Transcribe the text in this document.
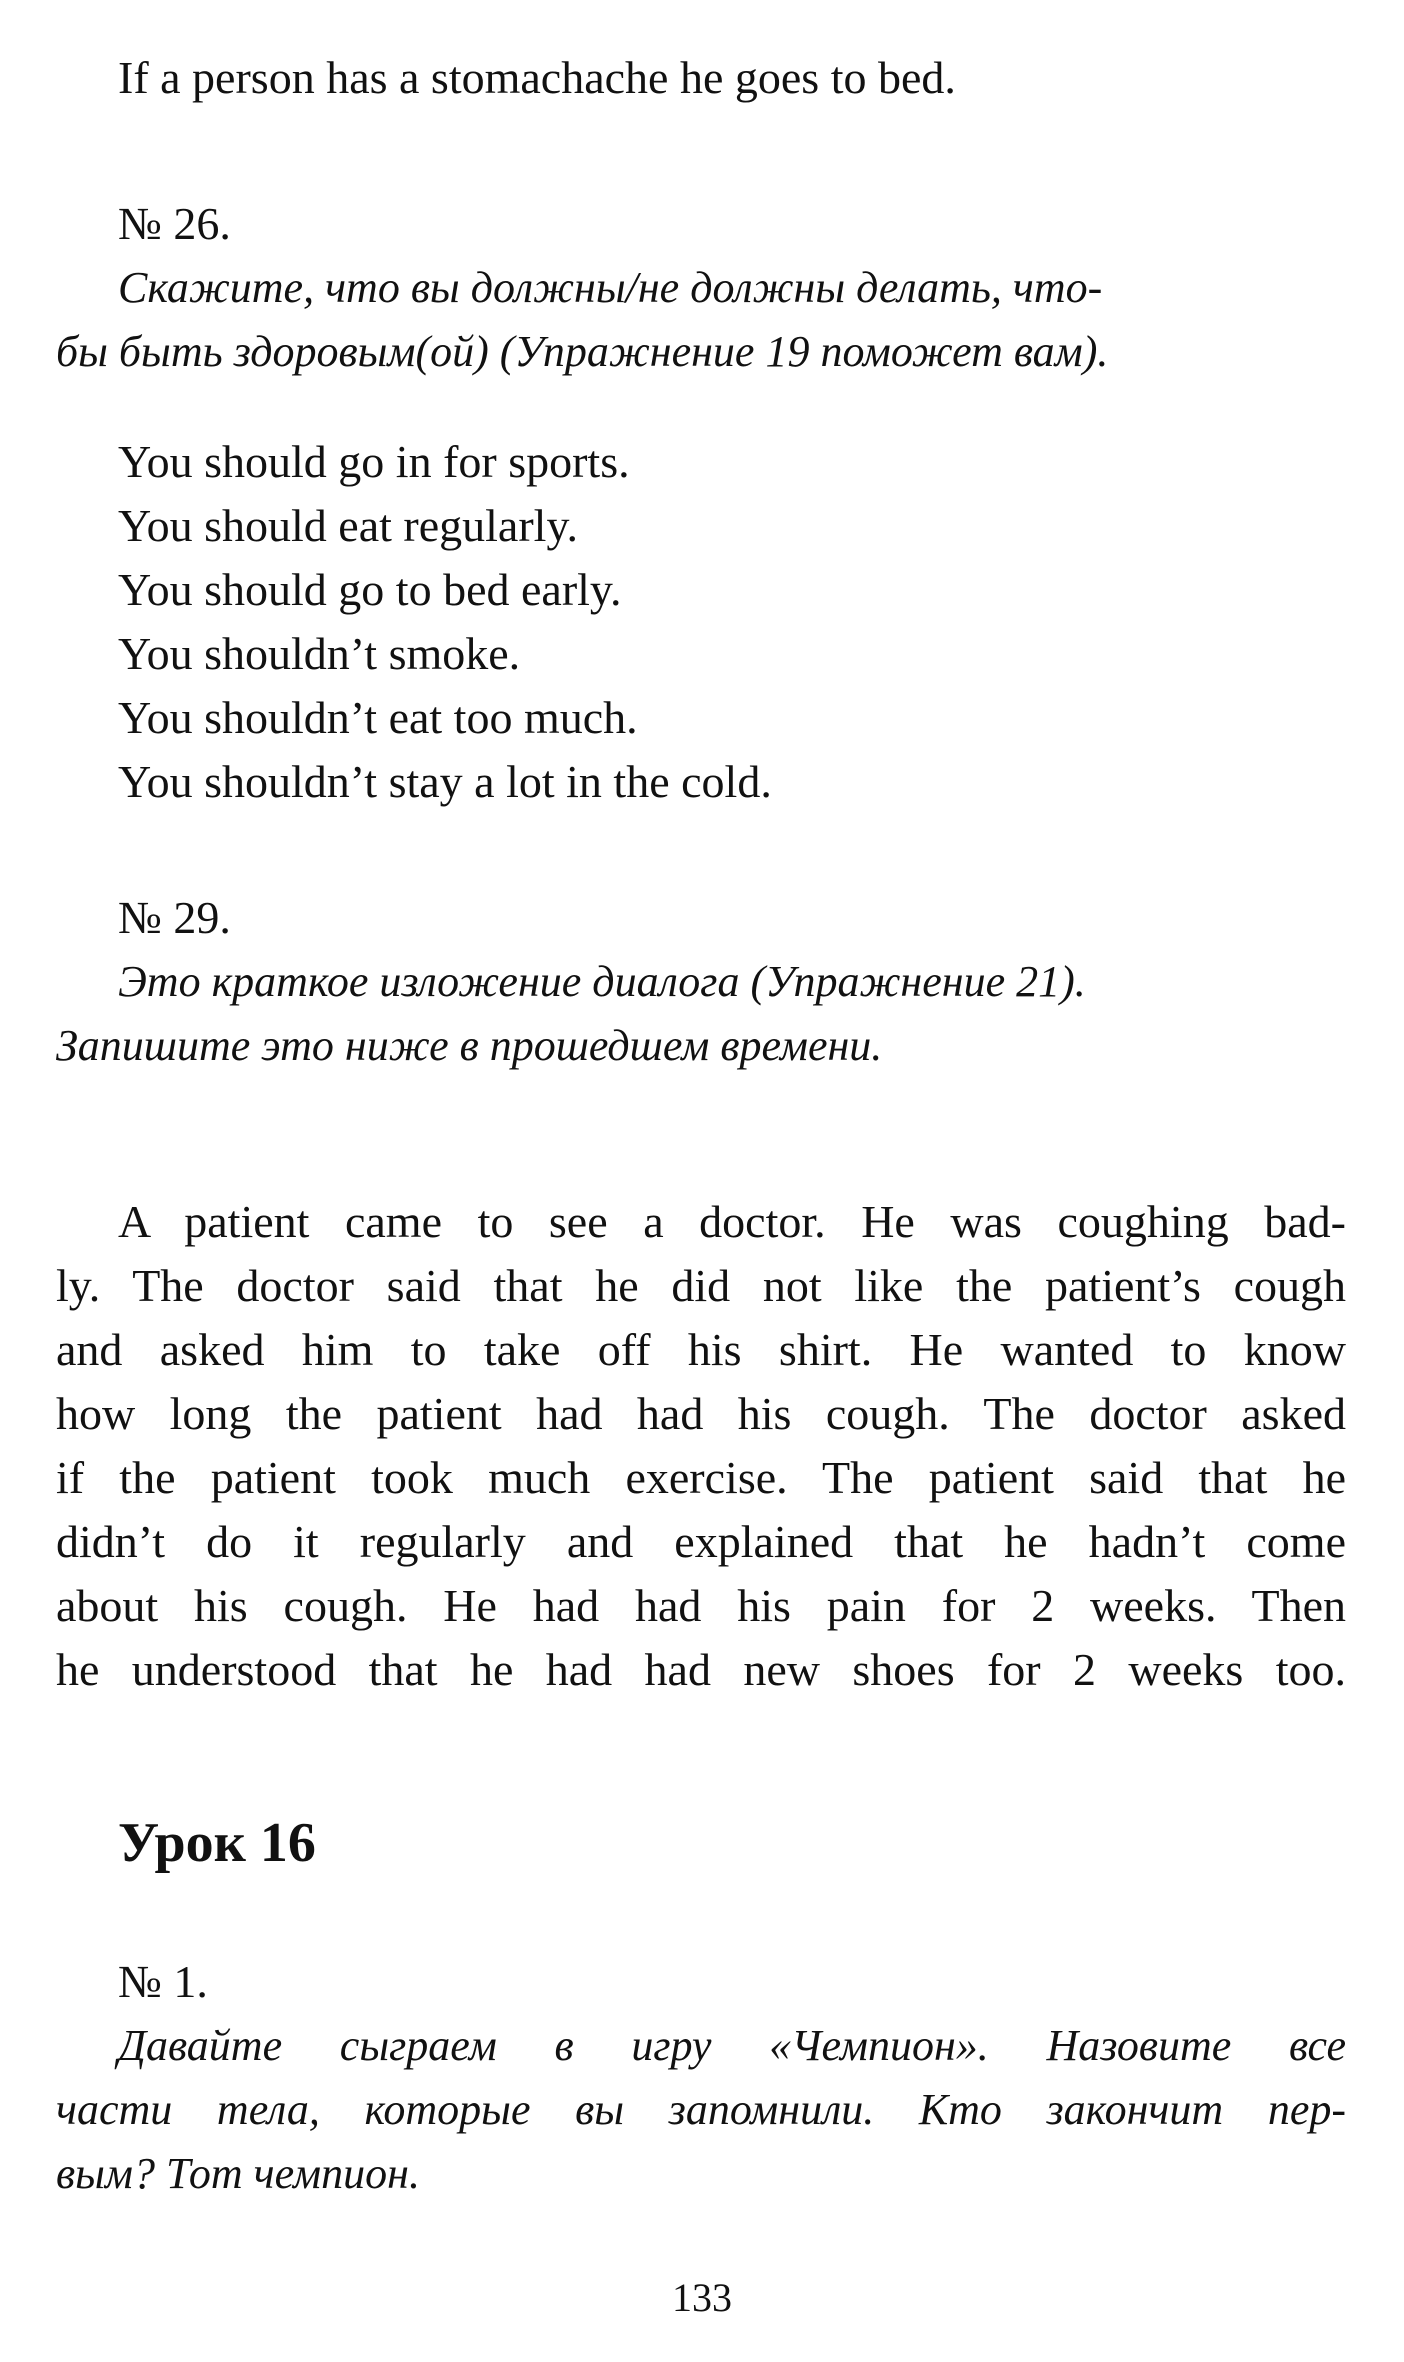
If a person has a stomachache he goes to bed.
№ 26.
Скажите, что вы должны/не должны делать, что-
бы быть здоровым(ой) (Упражнение 19 поможет вам).
You should go in for sports.
You should eat regularly.
You should go to bed early.
You shouldn’t smoke.
You shouldn’t eat too much.
You shouldn’t stay a lot in the cold.
№ 29.
Это краткое изложение диалога (Упражнение 21).
Запишите это ниже в прошедшем времени.
A patient came to see a doctor. He was coughing bad-
ly. The doctor said that he did not like the patient’s cough
and asked him to take off his shirt. He wanted to know
how long the patient had had his cough. The doctor asked
if the patient took much exercise. The patient said that he
didn’t do it regularly and explained that he hadn’t come
about his cough. He had had his pain for 2 weeks. Then
he understood that he had had new shoes for 2 weeks too.
Урок 16
№ 1.
Давайте сыграем в игру «Чемпион». Назовите все
части тела, которые вы запомнили. Кто закончит пер-
вым? Тот чемпион.
133
